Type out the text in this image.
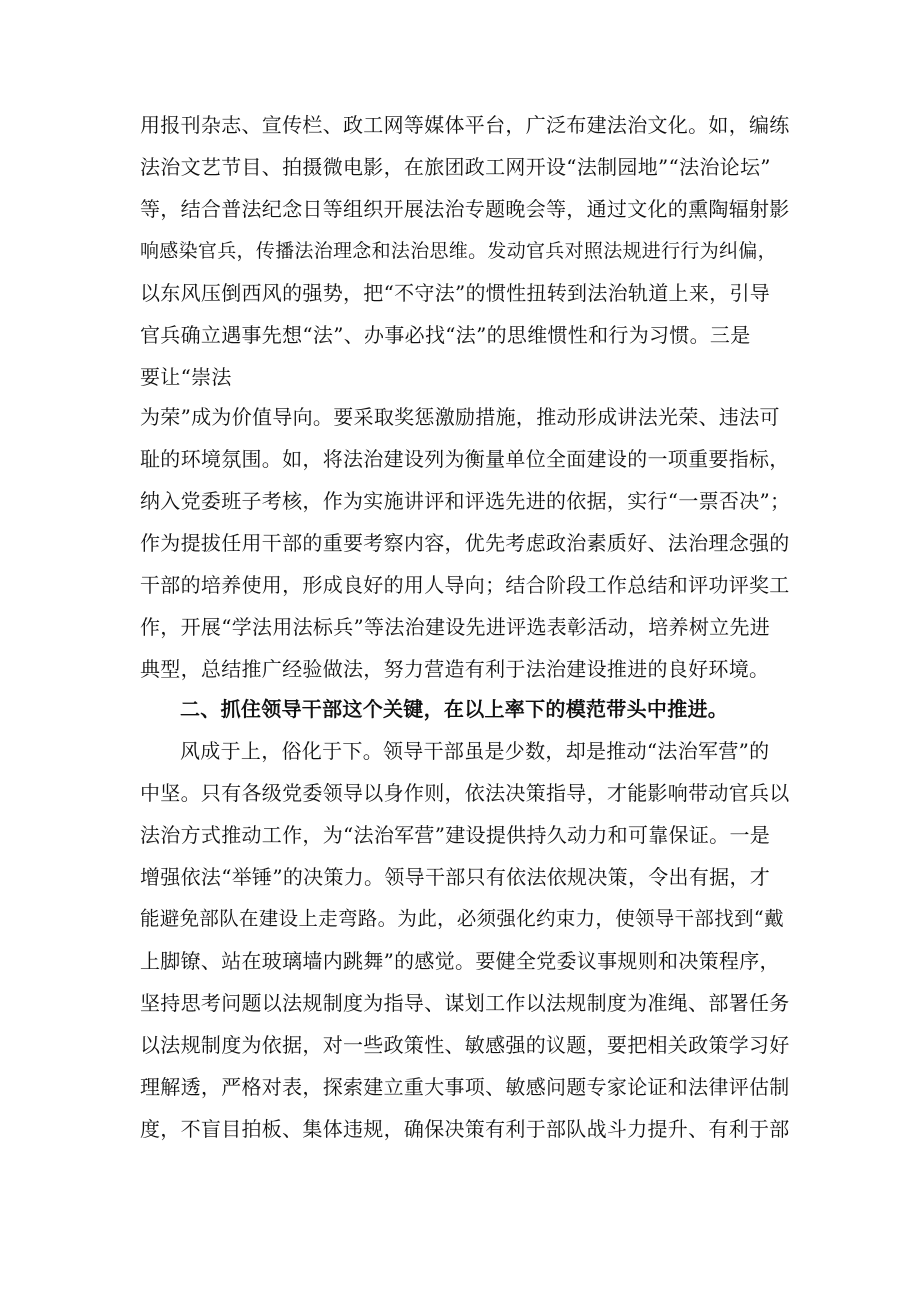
用报刊杂志、宣传栏、政工网等媒体平台，广泛布建法治文化。如，编练
法治文艺节目、拍摄微电影，在旅团政工网开设“法制园地”“法治论坛”
等，结合普法纪念日等组织开展法治专题晚会等，通过文化的熏陶辐射影
响感染官兵，传播法治理念和法治思维。发动官兵对照法规进行行为纠偏，
以东风压倒西风的强势，把“不守法”的惯性扭转到法治轨道上来，引导
官兵确立遇事先想“法”、办事必找“法”的思维惯性和行为习惯。三是
要让“崇法
为荣”成为价值导向。要采取奖惩激励措施，推动形成讲法光荣、违法可
耻的环境氛围。如，将法治建设列为衡量单位全面建设的一项重要指标，
纳入党委班子考核，作为实施讲评和评选先进的依据，实行“一票否决”；
作为提拔任用干部的重要考察内容，优先考虑政治素质好、法治理念强的
干部的培养使用，形成良好的用人导向；结合阶段工作总结和评功评奖工
作，开展“学法用法标兵”等法治建设先进评选表彰活动，培养树立先进
典型，总结推广经验做法，努力营造有利于法治建设推进的良好环境。
二、抓住领导干部这个关键，在以上率下的模范带头中推进。
风成于上，俗化于下。领导干部虽是少数，却是推动“法治军营”的
中坚。只有各级党委领导以身作则，依法决策指导，才能影响带动官兵以
法治方式推动工作，为“法治军营”建设提供持久动力和可靠保证。一是
增强依法“举锤”的决策力。领导干部只有依法依规决策，令出有据，才
能避免部队在建设上走弯路。为此，必须强化约束力，使领导干部找到“戴
上脚镣、站在玻璃墙内跳舞”的感觉。要健全党委议事规则和决策程序，
坚持思考问题以法规制度为指导、谋划工作以法规制度为准绳、部署任务
以法规制度为依据，对一些政策性、敏感强的议题，要把相关政策学习好
理解透，严格对表，探索建立重大事项、敏感问题专家论证和法律评估制
度，不盲目拍板、集体违规，确保决策有利于部队战斗力提升、有利于部
